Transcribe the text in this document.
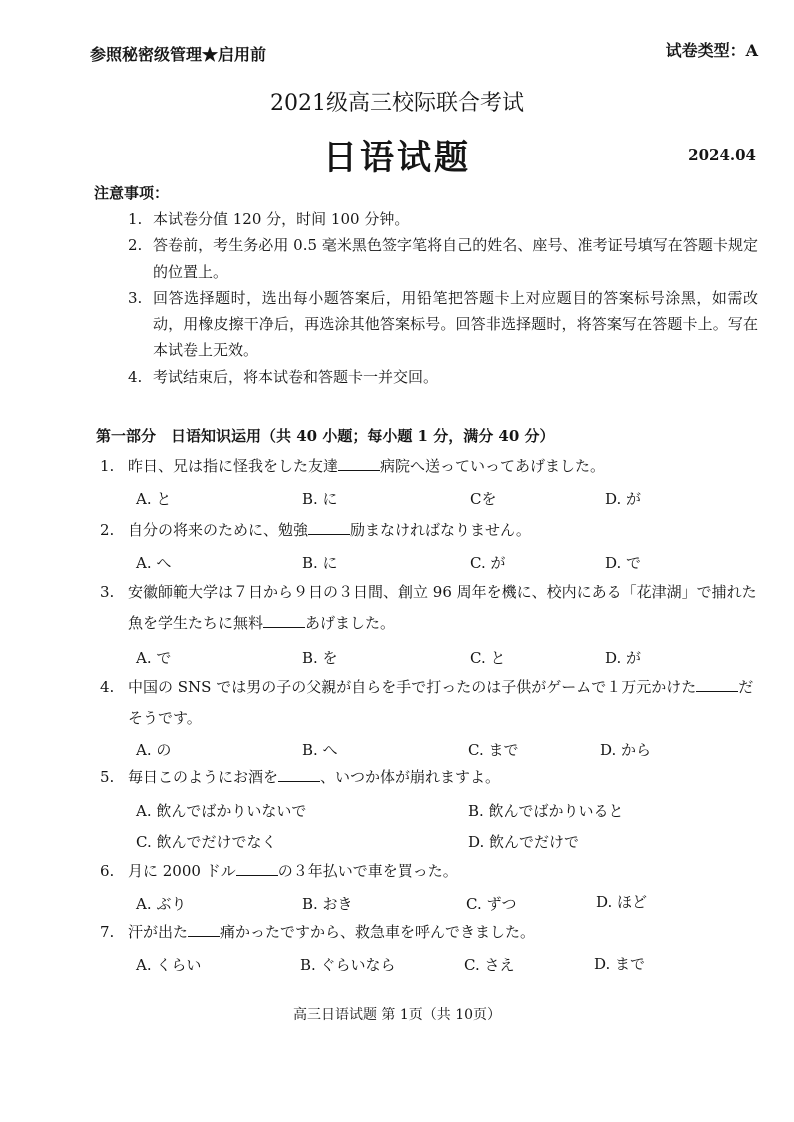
参照秘密级管理★启用前	试卷类型：A
2021级高三校际联合考试
日语试题	2024.04
注意事项：
1. 本试卷分值 120 分，时间 100 分钟。
2. 答卷前，考生务必用 0.5 毫米黑色签字笔将自己的姓名、座号、准考证号填写在答题卡规定的位置上。
3. 回答选择题时，选出每小题答案后，用铅笔把答题卡上对应题目的答案标号涂黑，如需改动，用橡皮擦干净后，再选涂其他答案标号。回答非选择题时，将答案写在答题卡上。写在本试卷上无效。
4. 考试结束后，将本试卷和答题卡一并交回。
第一部分　日语知识运用（共 40 小题；每小题 1 分，满分 40 分）
1. 昨日、兄は指に怪我をした友達	病院へ送っていってあげました。
A. と	B. に	Cを	D. が
2. 自分の将来のために、勉強	励まなければなりません。
A. へ	B. に	C. が	D. で
3. 安徽師範大学は７日から９日の３日間、創立 96 周年を機に、校内にある「花津湖」で捕れた魚を学生たちに無料	あげました。
A. で	B. を	C. と	D. が
4. 中国の SNS では男の子の父親が自らを手で打ったのは子供がゲームで１万元かけた	だそうです。
A. の	B. へ	C. まで	D. から
5. 毎日このようにお酒を	、いつか体が崩れますよ。
A. 飲んでばかりいないで	B. 飲んでばかりいると
C. 飲んでだけでなく	D. 飲んでだけで
6. 月に 2000 ドル	の３年払いで車を買った。
A. ぶり	B. おき	C. ずつ	D. ほど
7. 汗が出た 痛かったですから、救急車を呼んできました。
A. くらい	B. ぐらいなら	C. さえ	D. まで
高三日语试题 第 1页（共 10页）
